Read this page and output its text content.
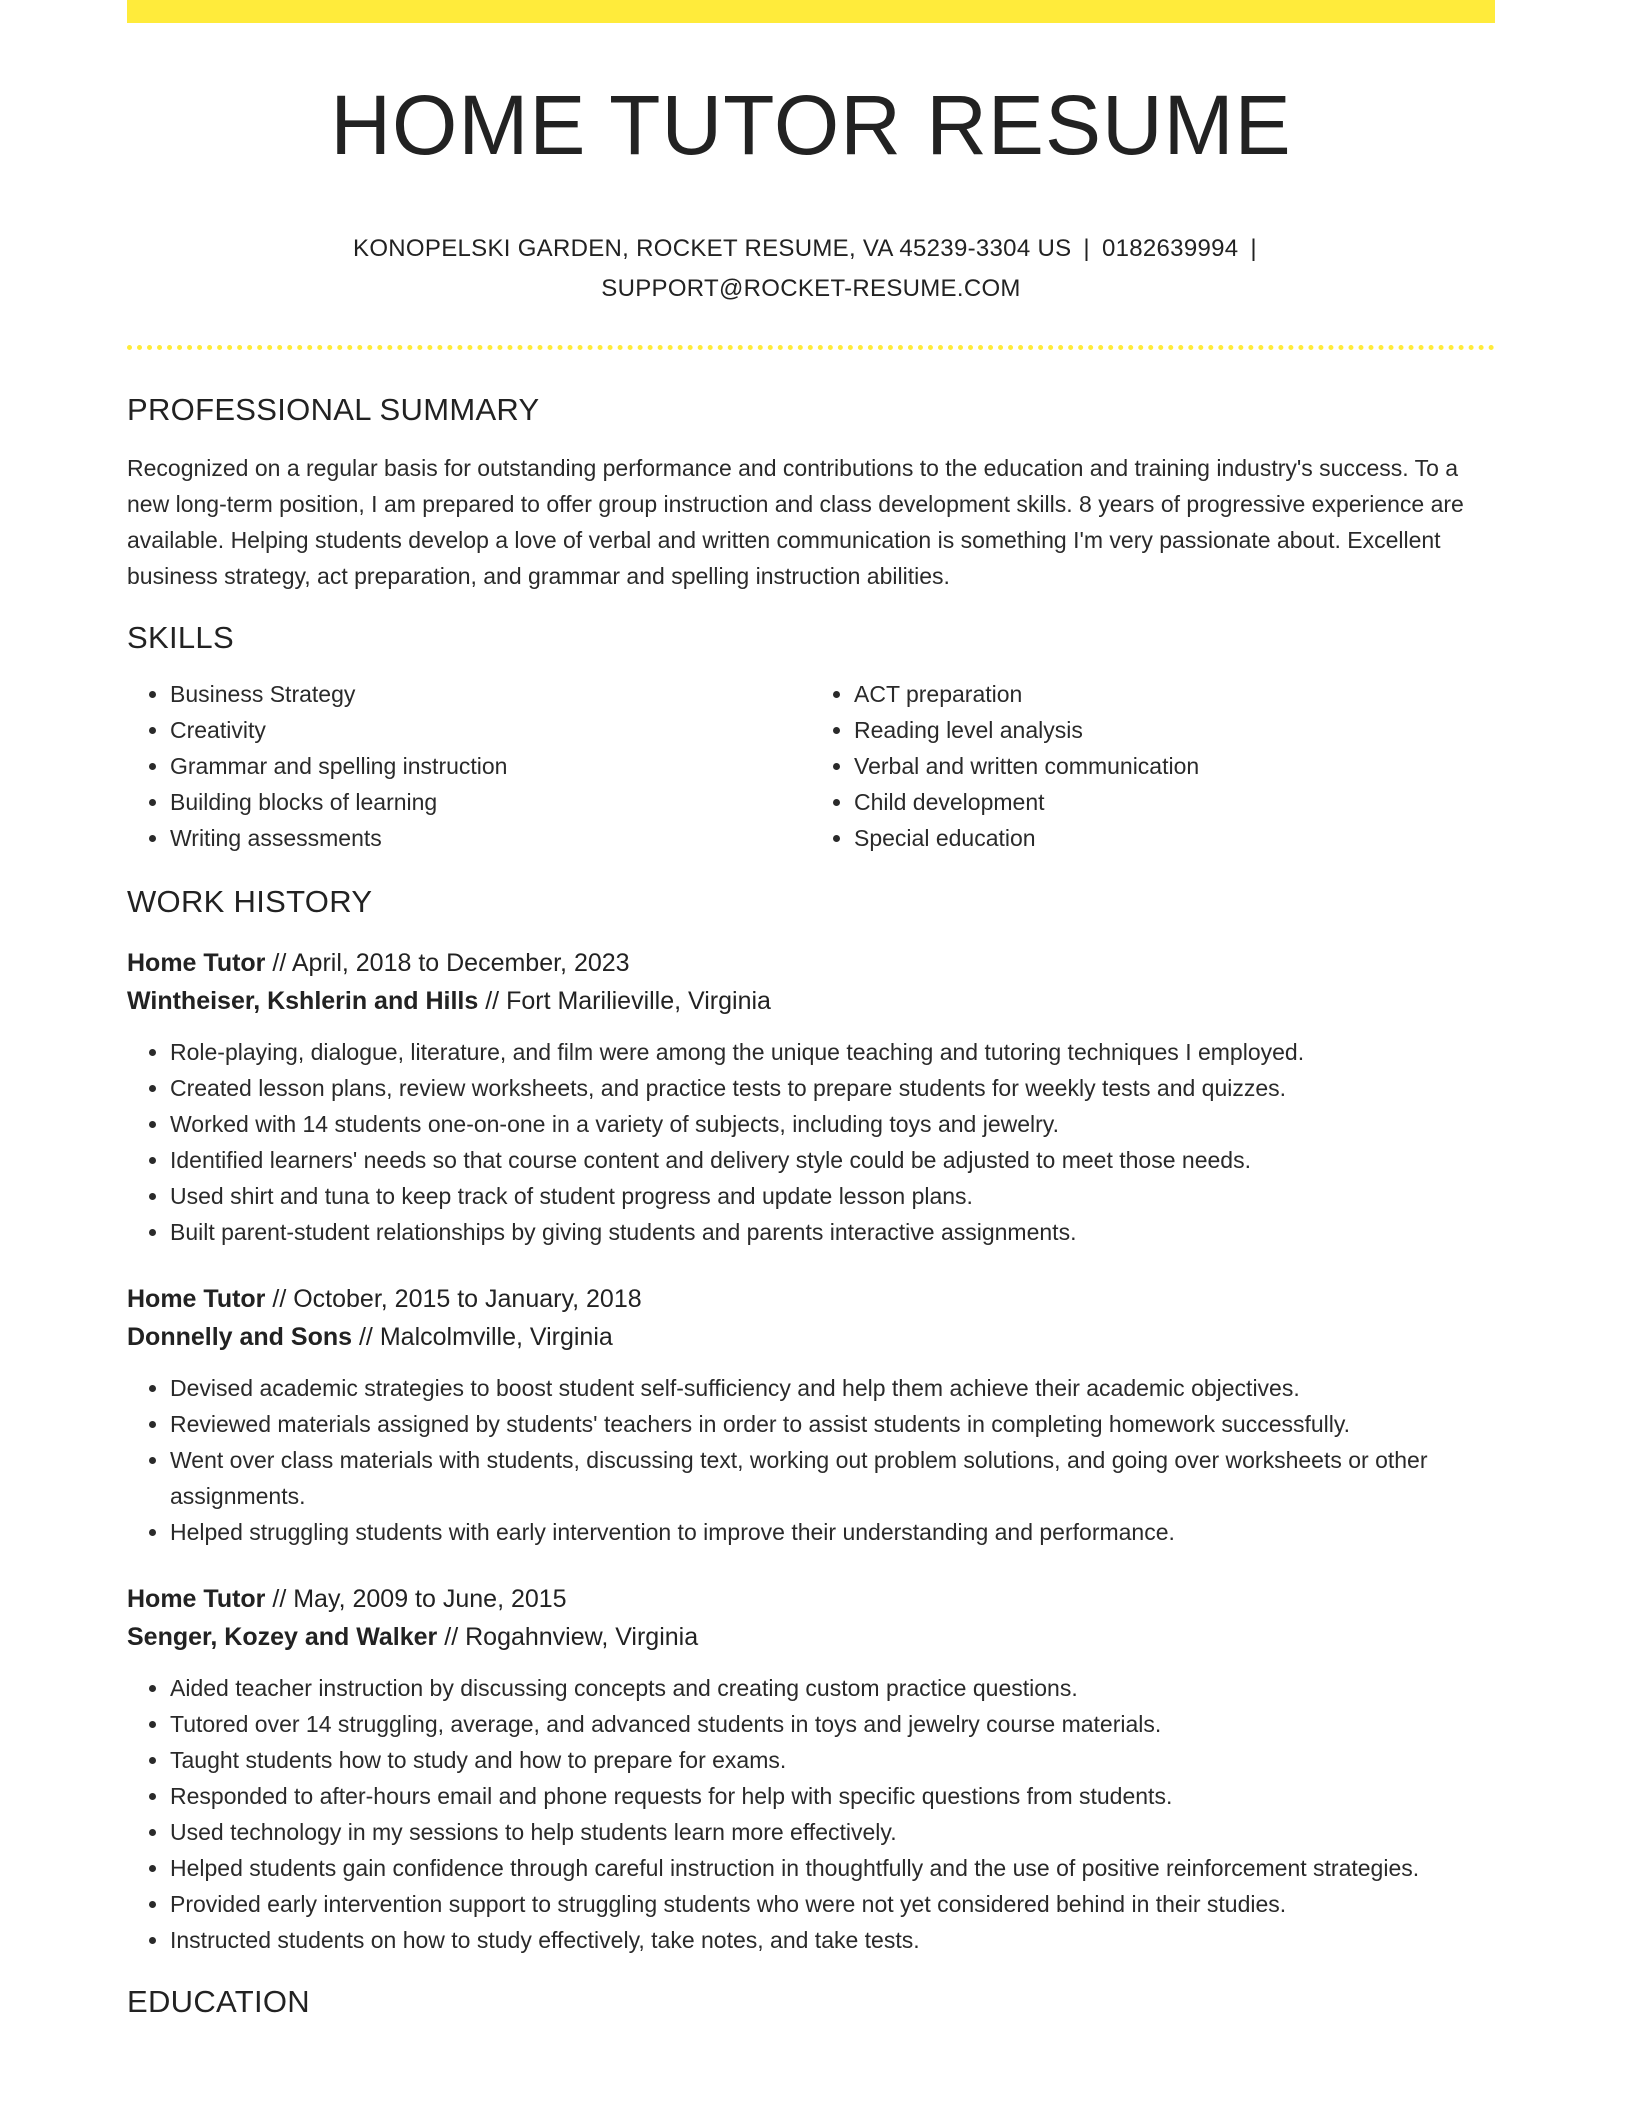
HOME TUTOR RESUME
KONOPELSKI GARDEN, ROCKET RESUME, VA 45239-3304 US | 0182639994 |
SUPPORT@ROCKET-RESUME.COM
PROFESSIONAL SUMMARY

Recognized on a regular basis for outstanding performance and contributions to the education and training industry's success. To a new long-term position, I am prepared to offer group instruction and class development skills. 8 years of progressive experience are available. Helping students develop a love of verbal and written communication is something I'm very passionate about. Excellent business strategy, act preparation, and grammar and spelling instruction abilities.

SKILLS
• Business Strategy
• Creativity
• Grammar and spelling instruction
• Building blocks of learning
• Writing assessments
• ACT preparation
• Reading level analysis
• Verbal and written communication
• Child development
• Special education
WORK HISTORY
Home Tutor // April, 2018 to December, 2023
Wintheiser, Kshlerin and Hills // Fort Marilieville, Virginia
• Role-playing, dialogue, literature, and film were among the unique teaching and tutoring techniques I employed.
• Created lesson plans, review worksheets, and practice tests to prepare students for weekly tests and quizzes.
• Worked with 14 students one-on-one in a variety of subjects, including toys and jewelry.
• Identified learners' needs so that course content and delivery style could be adjusted to meet those needs.
• Used shirt and tuna to keep track of student progress and update lesson plans.
• Built parent-student relationships by giving students and parents interactive assignments.
Home Tutor // October, 2015 to January, 2018
Donnelly and Sons // Malcolmville, Virginia
• Devised academic strategies to boost student self-sufficiency and help them achieve their academic objectives.
• Reviewed materials assigned by students' teachers in order to assist students in completing homework successfully.
• Went over class materials with students, discussing text, working out problem solutions, and going over worksheets or other assignments.
• Helped struggling students with early intervention to improve their understanding and performance.
Home Tutor // May, 2009 to June, 2015
Senger, Kozey and Walker // Rogahnview, Virginia
• Aided teacher instruction by discussing concepts and creating custom practice questions.
• Tutored over 14 struggling, average, and advanced students in toys and jewelry course materials.
• Taught students how to study and how to prepare for exams.
• Responded to after-hours email and phone requests for help with specific questions from students.
• Used technology in my sessions to help students learn more effectively.
• Helped students gain confidence through careful instruction in thoughtfully and the use of positive reinforcement strategies.
• Provided early intervention support to struggling students who were not yet considered behind in their studies.
• Instructed students on how to study effectively, take notes, and take tests.
EDUCATION
